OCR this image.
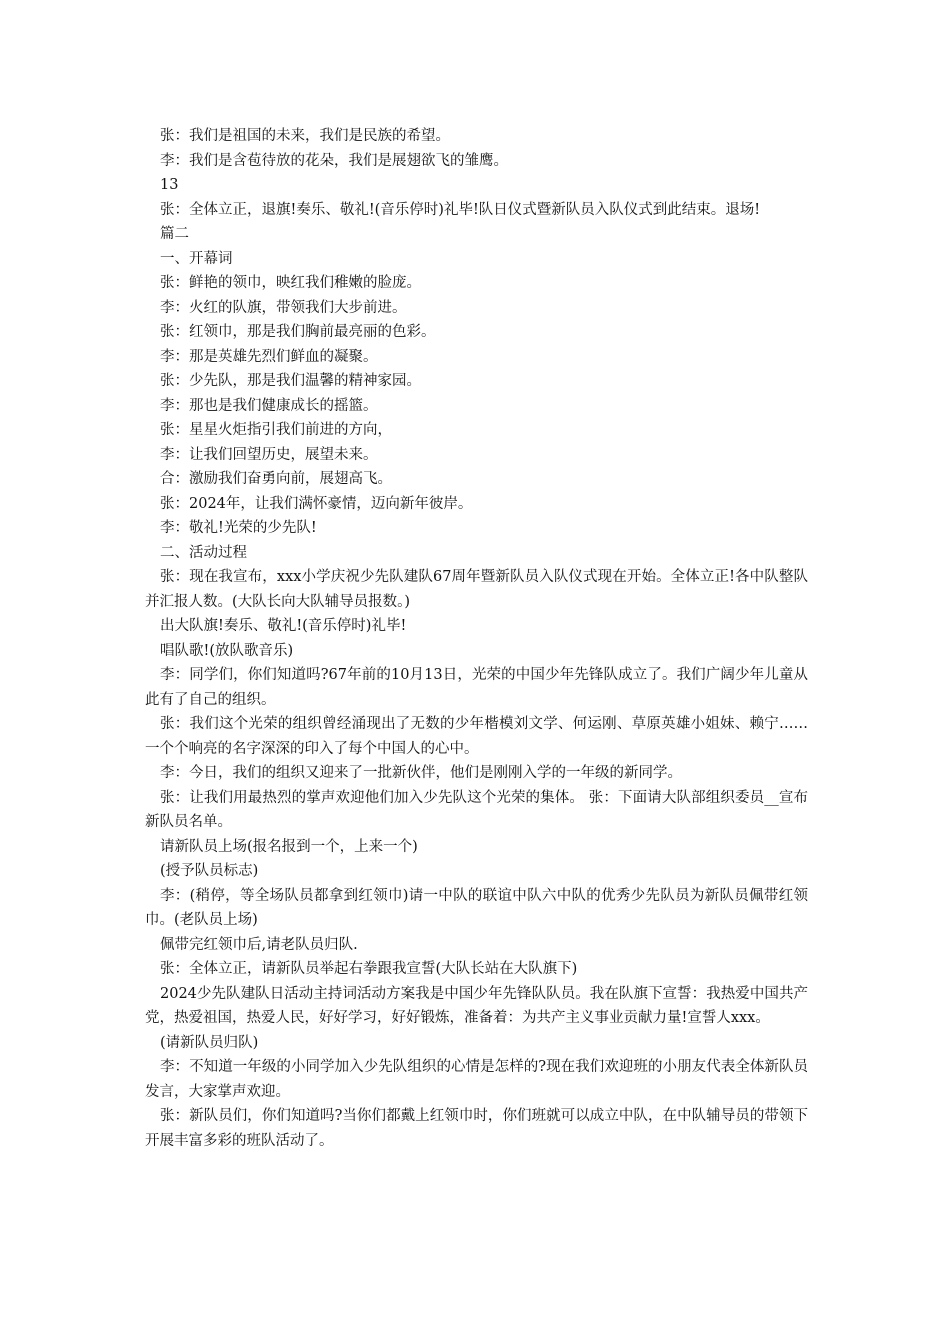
张：我们是祖国的未来，我们是民族的希望。

李：我们是含苞待放的花朵，我们是展翅欲飞的雏鹰。

13

张：全体立正，退旗!奏乐、敬礼!(音乐停时)礼毕!队日仪式暨新队员入队仪式到此结束。退场!

篇二

一、开幕词

张：鲜艳的领巾，映红我们稚嫩的脸庞。

李：火红的队旗，带领我们大步前进。

张：红领巾，那是我们胸前最亮丽的色彩。

李：那是英雄先烈们鲜血的凝聚。

张：少先队，那是我们温馨的精神家园。

李：那也是我们健康成长的摇篮。

张：星星火炬指引我们前进的方向，

李：让我们回望历史，展望未来。

合：激励我们奋勇向前，展翅高飞。

张：2024年，让我们满怀豪情，迈向新年彼岸。

李：敬礼!光荣的少先队!

二、活动过程

张：现在我宣布，xxx小学庆祝少先队建队67周年暨新队员入队仪式现在开始。全体立正!各中队整队并汇报人数。(大队长向大队辅导员报数。)

出大队旗!奏乐、敬礼!(音乐停时)礼毕!

唱队歌!(放队歌音乐)

李：同学们，你们知道吗?67年前的10月13日，光荣的中国少年先锋队成立了。我们广阔少年儿童从此有了自己的组织。

张：我们这个光荣的组织曾经涌现出了无数的少年楷模刘文学、何运刚、草原英雄小姐妹、赖宁……一个个响亮的名字深深的印入了每个中国人的心中。

李：今日，我们的组织又迎来了一批新伙伴，他们是刚刚入学的一年级的新同学。

张：让我们用最热烈的掌声欢迎他们加入少先队这个光荣的集体。 张：下面请大队部组织委员__宣布新队员名单。

请新队员上场(报名报到一个，上来一个)

(授予队员标志)

李：(稍停，等全场队员都拿到红领巾)请一中队的联谊中队六中队的优秀少先队员为新队员佩带红领巾。(老队员上场)

佩带完红领巾后,请老队员归队.

张：全体立正，请新队员举起右拳跟我宣誓(大队长站在大队旗下)

2024少先队建队日活动主持词活动方案我是中国少年先锋队队员。我在队旗下宣誓：我热爱中国共产党，热爱祖国，热爱人民，好好学习，好好锻炼，准备着：为共产主义事业贡献力量!宣誓人xxx。

(请新队员归队)

李：不知道一年级的小同学加入少先队组织的心情是怎样的?现在我们欢迎班的小朋友代表全体新队员发言，大家掌声欢迎。

张：新队员们，你们知道吗?当你们都戴上红领巾时，你们班就可以成立中队，在中队辅导员的带领下开展丰富多彩的班队活动了。
